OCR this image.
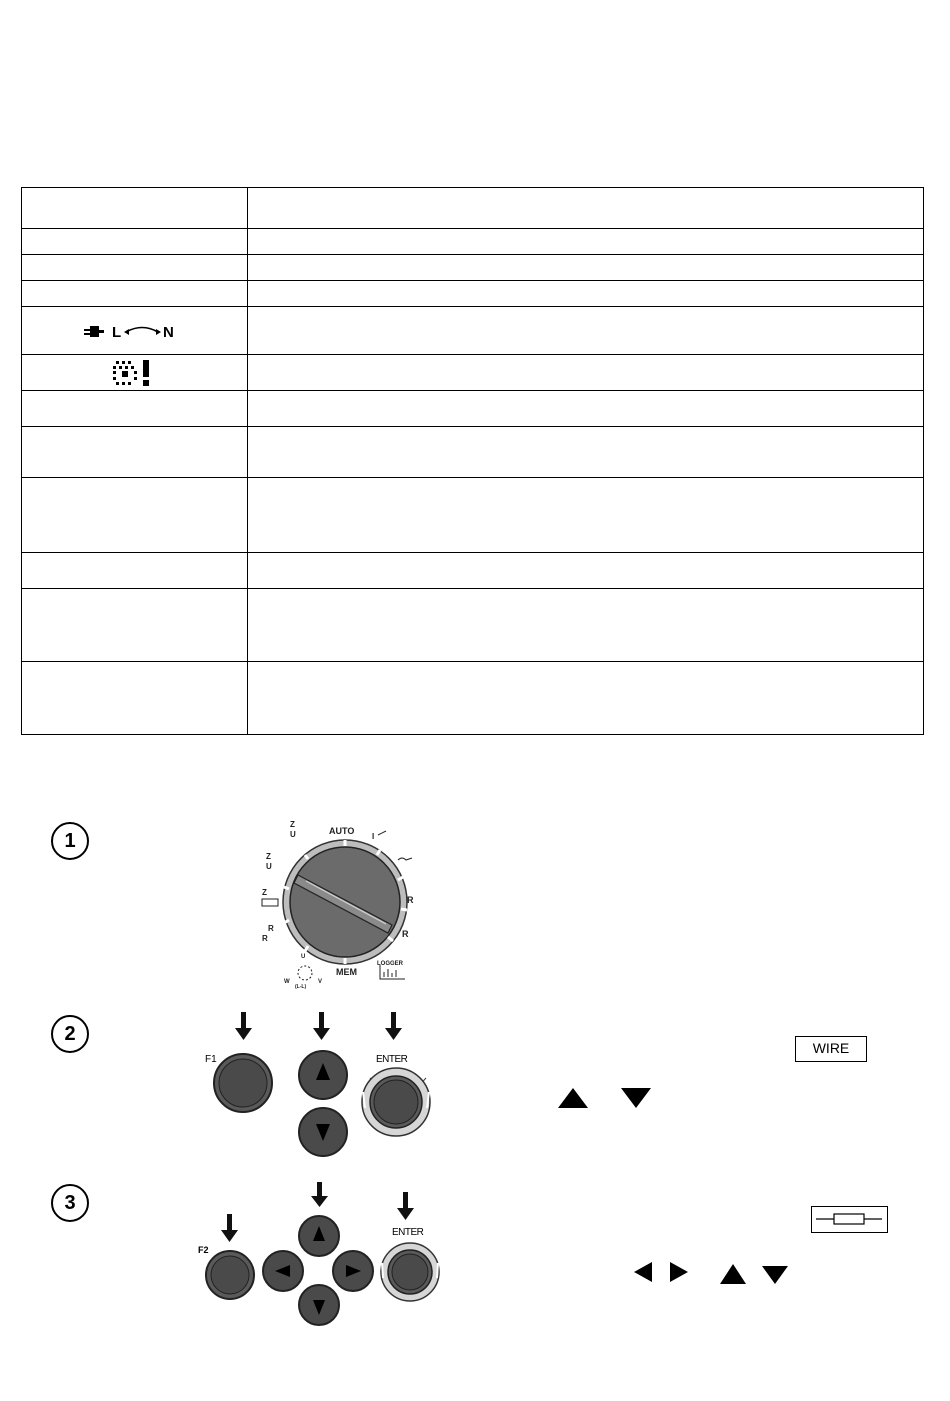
L N	

1
2
3
AUTO
MEM
LOGGER
R
R
Z
U
Z
U
Z
R
R
I
U
W	V
(L-L)
F1	ENTER
WIRE
F2
ENTER
